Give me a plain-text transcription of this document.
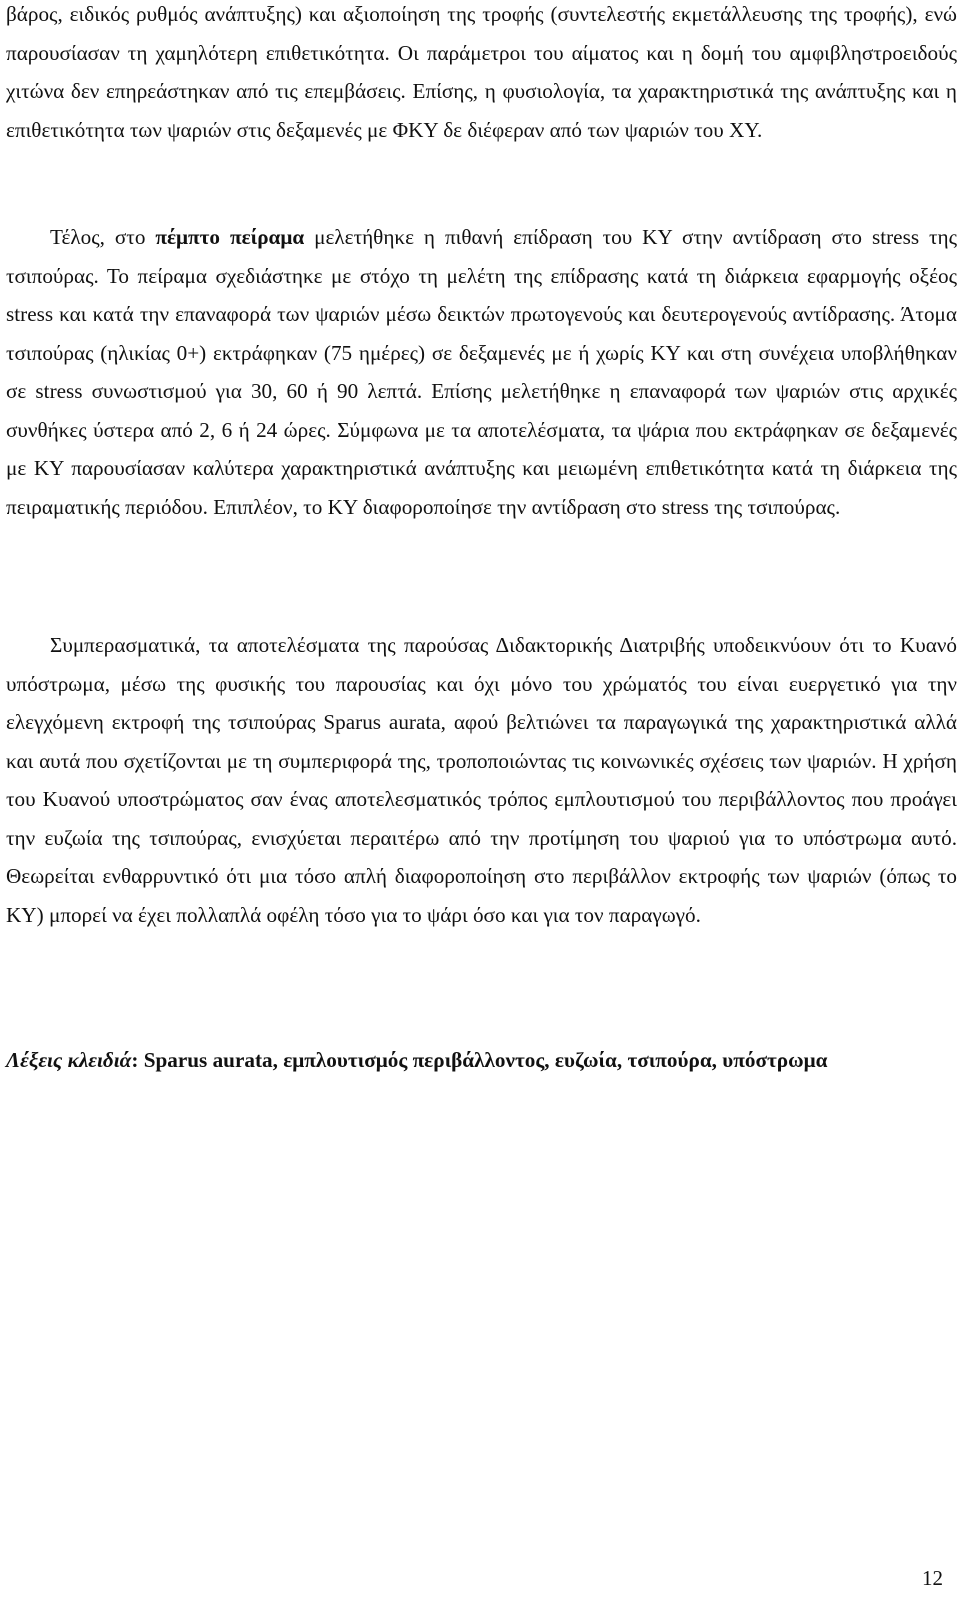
βάρος, ειδικός ρυθμός ανάπτυξης) και αξιοποίηση της τροφής (συντελεστής εκμετάλλευσης της τροφής), ενώ παρουσίασαν τη χαμηλότερη επιθετικότητα. Οι παράμετροι του αίματος και η δομή του αμφιβληστροειδούς χιτώνα δεν επηρεάστηκαν από τις επεμβάσεις. Επίσης, η φυσιολογία, τα χαρακτηριστικά της ανάπτυξης και η επιθετικότητα των ψαριών στις δεξαμενές με ΦΚΥ δε διέφεραν από των ψαριών του ΧΥ.
Τέλος, στο πέμπτο πείραμα μελετήθηκε η πιθανή επίδραση του ΚΥ στην αντίδραση στο stress της τσιπούρας. Το πείραμα σχεδιάστηκε με στόχο τη μελέτη της επίδρασης κατά τη διάρκεια εφαρμογής οξέος stress και κατά την επαναφορά των ψαριών μέσω δεικτών πρωτογενούς και δευτερογενούς αντίδρασης. Άτομα τσιπούρας (ηλικίας 0+) εκτράφηκαν (75 ημέρες) σε δεξαμενές με ή χωρίς ΚΥ και στη συνέχεια υποβλήθηκαν σε stress συνωστισμού για 30, 60 ή 90 λεπτά. Επίσης μελετήθηκε η επαναφορά των ψαριών στις αρχικές συνθήκες ύστερα από 2, 6 ή 24 ώρες. Σύμφωνα με τα αποτελέσματα, τα ψάρια που εκτράφηκαν σε δεξαμενές με ΚΥ παρουσίασαν καλύτερα χαρακτηριστικά ανάπτυξης και μειωμένη επιθετικότητα κατά τη διάρκεια της πειραματικής περιόδου. Επιπλέον, το ΚΥ διαφοροποίησε την αντίδραση στο stress της τσιπούρας.
Συμπερασματικά, τα αποτελέσματα της παρούσας Διδακτορικής Διατριβής υποδεικνύουν ότι το Κυανό υπόστρωμα, μέσω της φυσικής του παρουσίας και όχι μόνο του χρώματός του είναι ευεργετικό για την ελεγχόμενη εκτροφή της τσιπούρας Sparus aurata, αφού βελτιώνει τα παραγωγικά της χαρακτηριστικά αλλά και αυτά που σχετίζονται με τη συμπεριφορά της, τροποποιώντας τις κοινωνικές σχέσεις των ψαριών. Η χρήση του Κυανού υποστρώματος σαν ένας αποτελεσματικός τρόπος εμπλουτισμού του περιβάλλοντος που προάγει την ευζωία της τσιπούρας, ενισχύεται περαιτέρω από την προτίμηση του ψαριού για το υπόστρωμα αυτό. Θεωρείται ενθαρρυντικό ότι μια τόσο απλή διαφοροποίηση στο περιβάλλον εκτροφής των ψαριών (όπως το ΚΥ) μπορεί να έχει πολλαπλά οφέλη τόσο για το ψάρι όσο και για τον παραγωγό.
Λέξεις κλειδιά: Sparus aurata, εμπλουτισμός περιβάλλοντος, ευζωία, τσιπούρα, υπόστρωμα
12
